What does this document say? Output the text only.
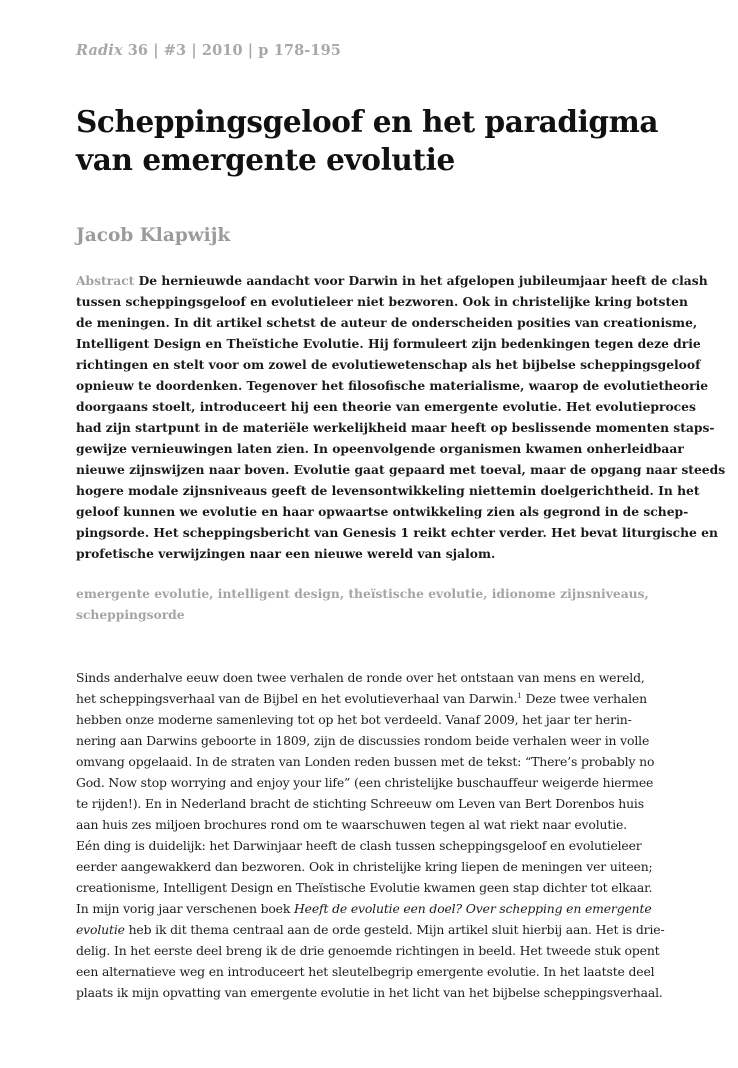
Radix 36 | #3 | 2010 | p 178-195
Scheppingsgeloof en het paradigma
van emergente evolutie
Jacob Klapwijk
Abstract De hernieuwde aandacht voor Darwin in het afgelopen jubileumjaar heeft de clash
tussen scheppingsgeloof en evolutieleer niet bezworen. Ook in christelijke kring botsten
de meningen. In dit artikel schetst de auteur de onderscheiden posities van creationisme,
Intelligent Design en Theïstiche Evolutie. Hij formuleert zijn bedenkingen tegen deze drie
richtingen en stelt voor om zowel de evolutiewetenschap als het bijbelse scheppingsgeloof
opnieuw te doordenken. Tegenover het filosofische materialisme, waarop de evolutietheorie
doorgaans stoelt, introduceert hij een theorie van emergente evolutie. Het evolutieproces
had zijn startpunt in de materiële werkelijkheid maar heeft op beslissende momenten staps-
gewijze vernieuwingen laten zien. In opeenvolgende organismen kwamen onherleidbaar
nieuwe zijnswijzen naar boven. Evolutie gaat gepaard met toeval, maar de opgang naar steeds
hogere modale zijnsniveaus geeft de levensontwikkeling niettemin doelgerichtheid. In het
geloof kunnen we evolutie en haar opwaartse ontwikkeling zien als gegrond in de schep-
pingsorde. Het scheppingsbericht van Genesis 1 reikt echter verder. Het bevat liturgische en
profetische verwijzingen naar een nieuwe wereld van sjalom.
emergente evolutie, intelligent design, theïstische evolutie, idionome zijnsniveaus,
scheppingsorde
Sinds anderhalve eeuw doen twee verhalen de ronde over het ontstaan van mens en wereld,
het scheppingsverhaal van de Bijbel en het evolutieverhaal van Darwin.$^1$ Deze twee verhalen
hebben onze moderne samenleving tot op het bot verdeeld. Vanaf 2009, het jaar ter herin-
nering aan Darwins geboorte in 1809, zijn de discussies rondom beide verhalen weer in volle
omvang opgelaaid. In de straten van Londen reden bussen met de tekst: “There’s probably no
God. Now stop worrying and enjoy your life” (een christelijke buschauffeur weigerde hiermee
te rijden!). En in Nederland bracht de stichting Schreeuw om Leven van Bert Dorenbos huis
aan huis zes miljoen brochures rond om te waarschuwen tegen al wat riekt naar evolutie.
Eén ding is duidelijk: het Darwinjaar heeft de clash tussen scheppingsgeloof en evolutieleer
eerder aangewakkerd dan bezworen. Ook in christelijke kring liepen de meningen ver uiteen;
creationisme, Intelligent Design en Theïstische Evolutie kwamen geen stap dichter tot elkaar.
In mijn vorig jaar verschenen boek Heeft de evolutie een doel? Over schepping en emergente
evolutie heb ik dit thema centraal aan de orde gesteld. Mijn artikel sluit hierbij aan. Het is drie-
delig. In het eerste deel breng ik de drie genoemde richtingen in beeld. Het tweede stuk opent
een alternatieve weg en introduceert het sleutelbegrip emergente evolutie. In het laatste deel
plaats ik mijn opvatting van emergente evolutie in het licht van het bijbelse scheppingsverhaal.
